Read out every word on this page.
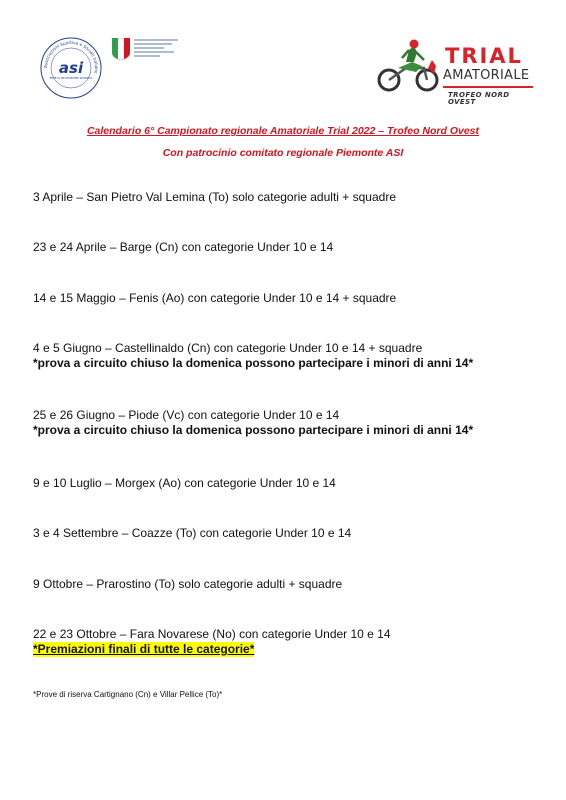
Associazioni Sportive e Sociali Italiane
asi
ENTE DI PROMOZIONE SPORTIVA
TRIAL
AMATORIALE
TROFEO NORD OVEST
Calendario 6° Campionato regionale Amatoriale Trial 2022 – Trofeo Nord Ovest
Con patrocinio comitato regionale Piemonte ASI
3 Aprile – San Pietro Val Lemina (To) solo categorie adulti + squadre
23 e 24 Aprile – Barge (Cn) con categorie Under 10 e 14
14 e 15 Maggio – Fenis (Ao) con categorie Under 10 e 14 + squadre
4 e 5 Giugno – Castellinaldo (Cn) con categorie Under 10 e 14 + squadre
*prova a circuito chiuso la domenica possono partecipare i minori di anni 14*
25 e 26 Giugno – Piode (Vc) con categorie Under 10 e 14
*prova a circuito chiuso la domenica possono partecipare i minori di anni 14*
9 e 10 Luglio – Morgex (Ao) con categorie Under 10 e 14
3 e 4 Settembre – Coazze (To) con categorie Under 10 e 14
9 Ottobre – Prarostino (To) solo categorie adulti + squadre
22 e 23 Ottobre – Fara Novarese (No) con categorie Under 10 e 14
*Premiazioni finali di tutte le categorie*
*Prove di riserva Cartignano (Cn) e Villar Pellice (To)*
